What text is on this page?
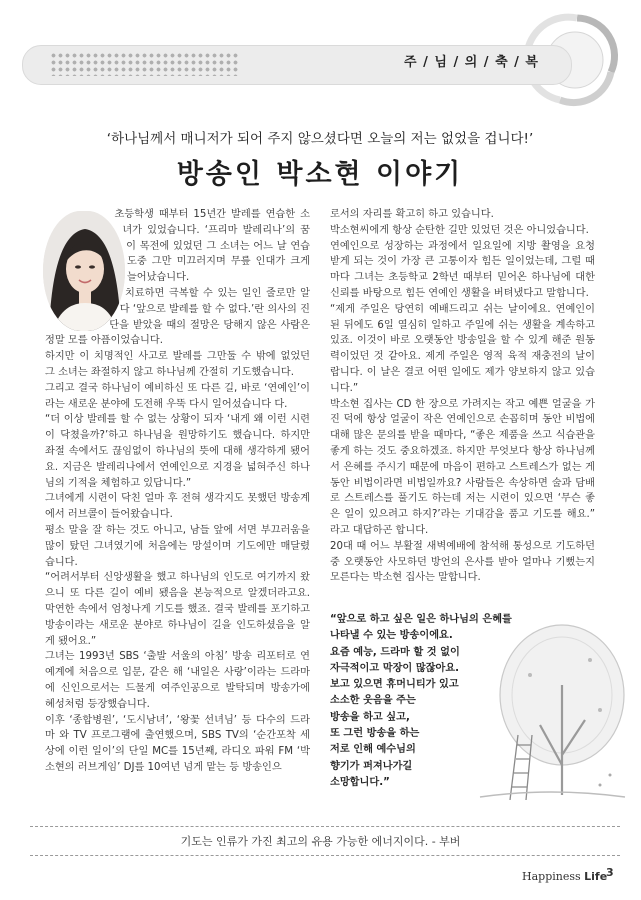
주 / 님 / 의 / 축 / 복
‘하나님께서 매니저가 되어 주지 않으셨다면 오늘의 저는 없었을 겁니다!’
방송인 박소현 이야기

초등학생 때부터 15년간 발레를 연습한 소녀가 있었습니다. ‘프리마 발레리나’의 꿈이 목전에 있었던 그 소녀는 어느 날 연습 도중 그만 미끄러지며 무릎 인대가 크게 늘어났습니다.

치료하면 극복할 수 있는 일인 줄로만 알다 ‘앞으로 발레를 할 수 없다.’란 의사의 진단을 받았을 때의 절망은 당해지 않은 사람은 정말 모를 아픔이었습니다.

하지만 이 치명적인 사고로 발레를 그만둘 수 밖에 없었던 그 소녀는 좌절하지 않고 하나님께 간절히 기도했습니다.

그리고 결국 하나님이 예비하신 또 다른 길, 바로 ‘연예인’이라는 새로운 분야에 도전해 우뚝 다시 일어섰습니다 다.

“더 이상 발레를 할 수 없는 상황이 되자 ‘내게 왜 이런 시련이 닥쳤을까?’하고 하나님을 원망하기도 했습니다. 하지만 좌절 속에서도 끊임없이 하나님의 뜻에 대해 생각하게 됐어요. 지금은 발레리나에서 연예인으로 지경을 넓혀주신 하나님의 기적을 체험하고 있답니다.”

그녀에게 시련이 닥친 얼마 후 전혀 생각지도 못했던 방송계에서 러브콜이 들어왔습니다.

평소 말을 잘 하는 것도 아니고, 남들 앞에 서면 부끄러움을 많이 탔던 그녀였기에 처음에는 망설이며 기도에만 매달렸습니다.

“어려서부터 신앙생활을 했고 하나님의 인도로 여기까지 왔으니 또 다른 길이 예비 됐음을 본능적으로 알겠더라고요. 막연한 속에서 엄청나게 기도를 했죠. 결국 발레를 포기하고 방송이라는 새로운 분야로 하나님이 길을 인도하셨음을 알게 됐어요.”

그녀는 1993년 SBS ‘출발 서울의 아침’ 방송 리포터로 연예계에 처음으로 입문, 같은 해 ‘내일은 사랑’이라는 드라마에 신인으로서는 드물게 여주인공으로 발탁되며 방송가에 혜성처럼 등장했습니다.

이후 ‘종합병원’, ‘도시남녀’, ‘왕꽃 선녀님’ 등 다수의 드라마 와 TV 프로그램에 출연했으며, SBS TV의 ‘순간포착 세상에 이런 일이’의 단일 MC를 15년째, 라디오 파워 FM ‘박소현의 러브게임’ DJ를 10여년 넘게 맡는 등 방송인으

로서의 자리를 확고히 하고 있습니다.

박소현씨에게 항상 순탄한 길만 있었던 것은 아니었습니다.

연예인으로 성장하는 과정에서 일요일에 지방 촬영을 요청받게 되는 것이 가장 큰 고통이자 힘든 일이었는데, 그럴 때마다 그녀는 초등학교 2학년 때부터 믿어온 하나님에 대한 신뢰를 바탕으로 힘든 연예인 생활을 버텨냈다고 말합니다.

“제게 주일은 당연히 예배드리고 쉬는 날이에요. 연예인이 된 뒤에도 6일 열심히 일하고 주일에 쉬는 생활을 계속하고 있죠. 이것이 바로 오랫동안 방송일을 할 수 있게 해준 원동력이었던 것 같아요. 제게 주일은 영적 육적 재충전의 날이랍니다. 이 날은 결코 어떤 일에도 제가 양보하지 않고 있습니다.”

박소현 집사는 CD 한 장으로 가려지는 작고 예쁜 얼굴을 가진 덕에 항상 얼굴이 작은 연예인으로 손꼽히며 동안 비법에 대해 많은 문의를 받을 때마다, “좋은 제품을 쓰고 식습관을 좋게 하는 것도 중요하겠죠. 하지만 무엇보다 항상 하나님께서 은혜를 주시기 때문에 마음이 편하고 스트레스가 없는 게 동안 비법이라면 비법일까요? 사람들은 속상하면 술과 담배로 스트레스를 풀기도 하는데 저는 시련이 있으면 ‘무슨 좋은 일이 있으려고 하지?’라는 기대감을 품고 기도를 해요.” 라고 대답하곤 합니다.

20대 때 어느 부활절 새벽예배에 참석해 통성으로 기도하던 중 오랫동안 사모하던 방언의 은사를 받아 얼마나 기뻤는지 모른다는 박소현 집사는 말합니다.

“앞으로 하고 싶은 일은 하나님의 은혜를

나타낼 수 있는 방송이에요.

요즘 예능, 드라마 할 것 없이

자극적이고 막장이 많잖아요.

보고 있으면 휴머니티가 있고

소소한 웃음을 주는

방송을 하고 싶고,

또 그런 방송을 하는

저로 인해 예수님의

향기가 퍼져나가길

소망합니다.”

기도는 인류가 가진 최고의 유용 가능한 에너지이다. - 부버
Happiness Life
3
